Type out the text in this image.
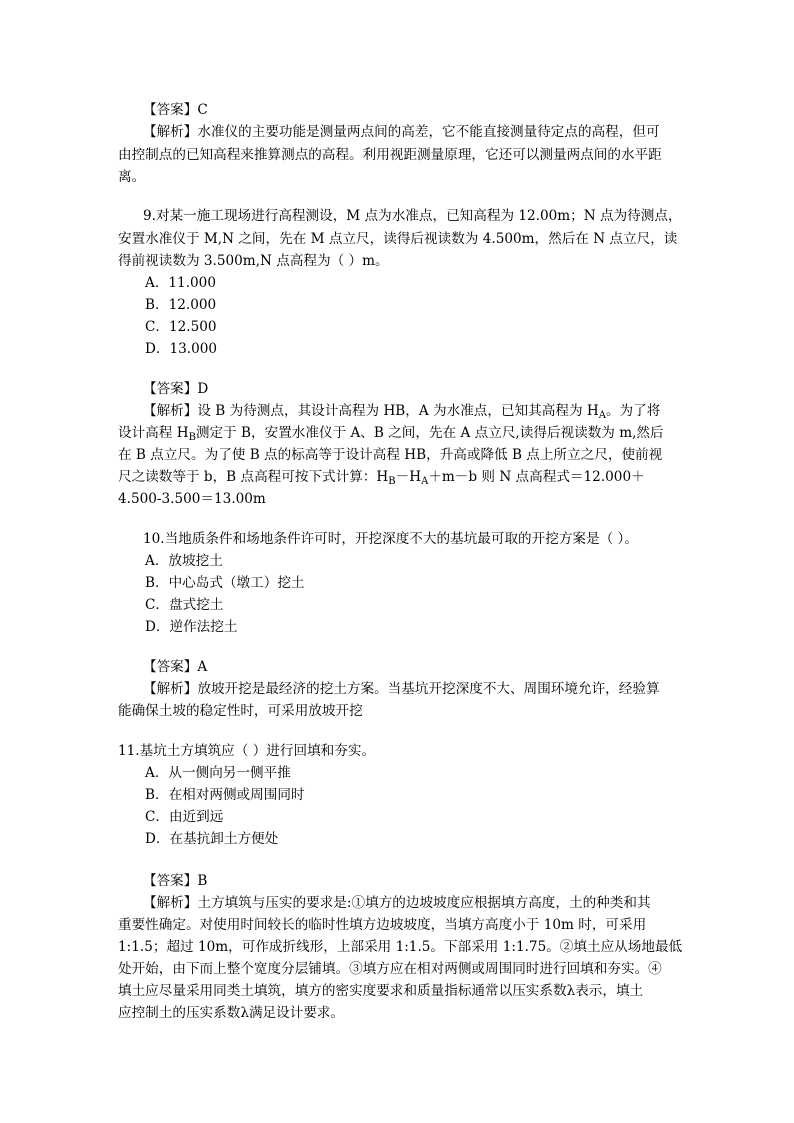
【答案】C
【解析】水准仪的主要功能是测量两点间的高差，它不能直接测量待定点的高程，但可
由控制点的已知高程来推算测点的高程。利用视距测量原理，它还可以测量两点间的水平距
离。
9.对某一施工现场进行高程测设，M 点为水准点，已知高程为 12.00m；N 点为待测点，
安置水准仪于 M,N 之间，先在 M 点立尺，读得后视读数为 4.500m，然后在 N 点立尺，读
得前视读数为 3.500m,N 点高程为（ ）m。
A．11.000
B．12.000
C．12.500
D．13.000
【答案】D
【解析】设 B 为待测点，其设计高程为 HB，A 为水准点，已知其高程为 $H_A$。为了将
设计高程 $H_B$测定于 B，安置水准仪于 A、B 之间，先在 A 点立尺,读得后视读数为 m,然后
在 B 点立尺。为了使 B 点的标高等于设计高程 HB，升高或降低 B 点上所立之尺，使前视
尺之读数等于 b，B 点高程可按下式计算：$H_B-H_A+m-b$ 则 N 点高程式＝12.000＋
4.500-3.500＝13.00m
10.当地质条件和场地条件许可时，开挖深度不大的基坑最可取的开挖方案是（ ）。
A．放坡挖土
B．中心岛式（墩工）挖土
C．盘式挖土
D．逆作法挖土
【答案】A
【解析】放坡开挖是最经济的挖土方案。当基坑开挖深度不大、周围环境允许，经验算
能确保土坡的稳定性时，可采用放坡开挖
11.基坑土方填筑应（ ）进行回填和夯实。
A．从一侧向另一侧平推
B．在相对两侧或周围同时
C．由近到远
D．在基抗卸土方便处
【答案】B
【解析】土方填筑与压实的要求是:①填方的边坡坡度应根据填方高度，土的种类和其
重要性确定。对使用时间较长的临时性填方边坡坡度，当填方高度小于 10m 时，可采用
1:1.5；超过 10m，可作成折线形，上部采用 1:1.5。下部采用 1:1.75。②填土应从场地最低
处开始，由下而上整个宽度分层铺填。③填方应在相对两侧或周围同时进行回填和夯实。④
填土应尽量采用同类土填筑，填方的密实度要求和质量指标通常以压实系数λ表示，填土
应控制土的压实系数λ满足设计要求。
